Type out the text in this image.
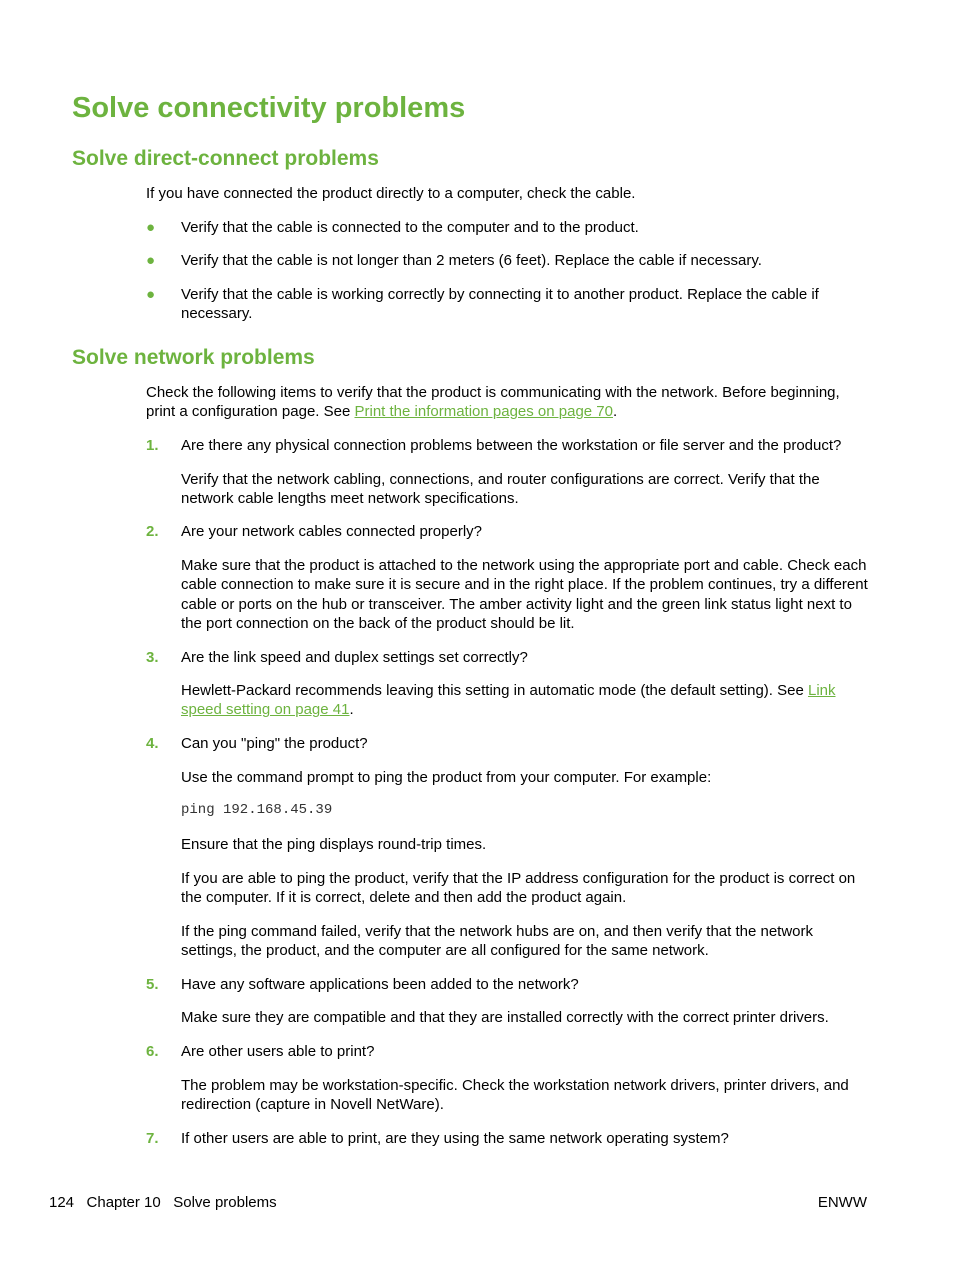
Solve connectivity problems
Solve direct-connect problems

If you have connected the product directly to a computer, check the cable.

● Verify that the cable is connected to the computer and to the product.
● Verify that the cable is not longer than 2 meters (6 feet). Replace the cable if necessary.
● Verify that the cable is working correctly by connecting it to another product. Replace the cable if necessary.
Solve network problems

Check the following items to verify that the product is communicating with the network. Before beginning, print a configuration page. See Print the information pages on page 70.

1. Are there any physical connection problems between the workstation or file server and the product?

Verify that the network cabling, connections, and router configurations are correct. Verify that the network cable lengths meet network specifications.

2. Are your network cables connected properly?

Make sure that the product is attached to the network using the appropriate port and cable. Check each cable connection to make sure it is secure and in the right place. If the problem continues, try a different cable or ports on the hub or transceiver. The amber activity light and the green link status light next to the port connection on the back of the product should be lit.

3. Are the link speed and duplex settings set correctly?

Hewlett-Packard recommends leaving this setting in automatic mode (the default setting). See Link speed setting on page 41.

4. Can you "ping" the product?

Use the command prompt to ping the product from your computer. For example:

ping 192.168.45.39

Ensure that the ping displays round-trip times.

If you are able to ping the product, verify that the IP address configuration for the product is correct on the computer. If it is correct, delete and then add the product again.

If the ping command failed, verify that the network hubs are on, and then verify that the network settings, the product, and the computer are all configured for the same network.

5. Have any software applications been added to the network?

Make sure they are compatible and that they are installed correctly with the correct printer drivers.

6. Are other users able to print?

The problem may be workstation-specific. Check the workstation network drivers, printer drivers, and redirection (capture in Novell NetWare).

7. If other users are able to print, are they using the same network operating system?
124   Chapter 10   Solve problems	ENWW
